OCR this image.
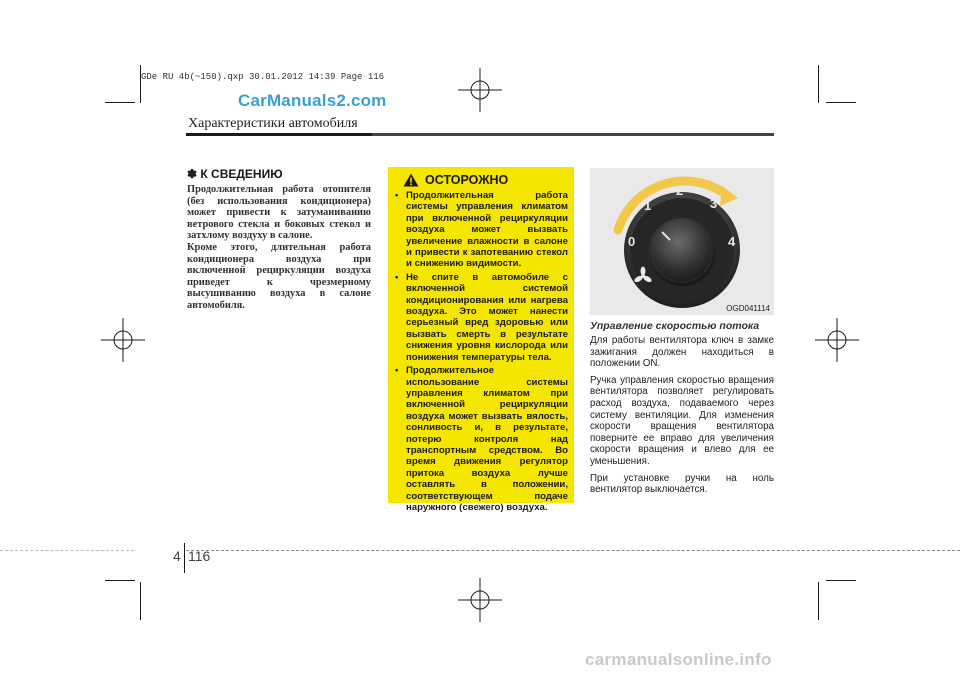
GDe RU 4b(~150).qxp 30.01.2012 14:39 Page 116
CarManuals2.com
Характеристики автомобиля
✽ К СВЕДЕНИЮ

Продолжительная работа отопителя (без использования кондиционера) может привести к затуманиванию ветрового стекла и боковых стекол и затхлому воздуху в салоне.

Кроме этого, длительная работа кондиционера воздуха при включенной рециркуляции воздуха приведет к чрезмерному высушиванию воздуха в салоне автомобиля.

ОСТОРОЖНО
• Продолжительная работа системы управления климатом при включенной рециркуляции воздуха может вызвать увеличение влажности в салоне и привести к запотеванию стекол и снижению видимости.
• Не спите в автомобиле с включенной системой кондиционирования или нагрева воздуха. Это может нанести серьезный вред здоровью или вызвать смерть в результате снижения уровня кислорода или понижения температуры тела.
• Продолжительное использование системы управления климатом при включенной рециркуляции воздуха может вызвать вялость, сонливость и, в результате, потерю контроля над транспортным средством. Во время движения регулятор притока воздуха лучше оставлять в положении, соответствующем подаче наружного (свежего) воздуха.
0
1
2
3
4
OGD041114
Управление скоростью потока

Для работы вентилятора ключ в замке зажигания должен находиться в положении ON.

Ручка управления скоростью вращения вентилятора позволяет регулировать расход воздуха, подаваемого через систему вентиляции. Для изменения скорости вращения вентилятора поверните ее вправо для увеличения скорости вращения и влево для ее уменьшения.

При установке ручки на ноль вентилятор выключается.

4 116
carmanualsonline.info
